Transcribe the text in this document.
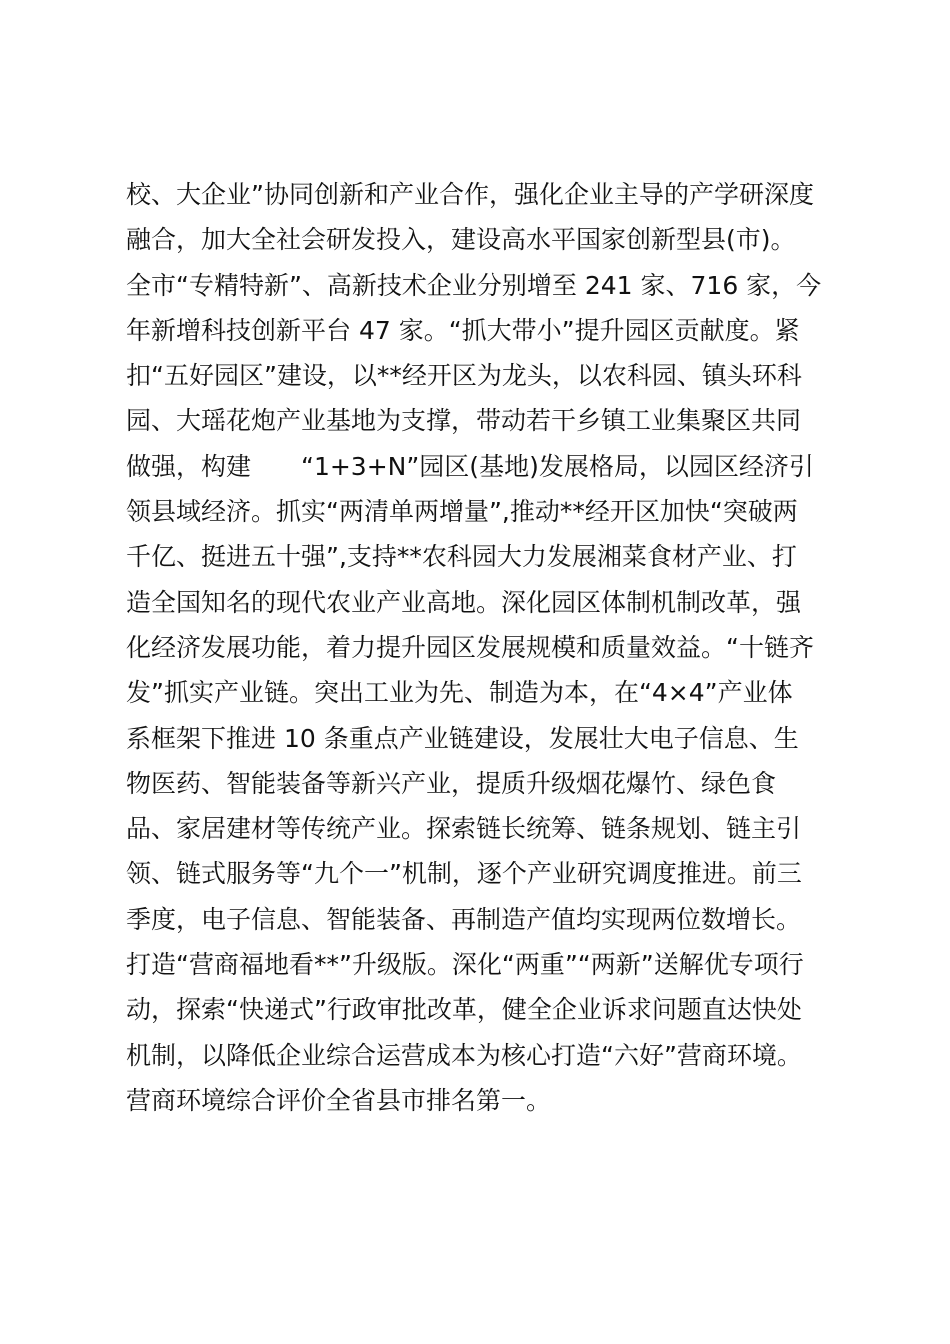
校、大企业”协同创新和产业合作，强化企业主导的产学研深度
融合，加大全社会研发投入，建设高水平国家创新型县(市)。
全市“专精特新”、高新技术企业分别增至 241 家、716 家，今
年新增科技创新平台 47 家。“抓大带小”提升园区贡献度。紧
扣“五好园区”建设，以**经开区为龙头，以农科园、镇头环科
园、大瑶花炮产业基地为支撑，带动若干乡镇工业集聚区共同
做强，构建　　“1+3+N”园区(基地)发展格局，以园区经济引
领县域经济。抓实“两清单两增量”,推动**经开区加快“突破两
千亿、挺进五十强”,支持**农科园大力发展湘菜食材产业、打
造全国知名的现代农业产业高地。深化园区体制机制改革，强
化经济发展功能，着力提升园区发展规模和质量效益。“十链齐
发”抓实产业链。突出工业为先、制造为本，在“4×4”产业体
系框架下推进 10 条重点产业链建设，发展壮大电子信息、生
物医药、智能装备等新兴产业，提质升级烟花爆竹、绿色食
品、家居建材等传统产业。探索链长统筹、链条规划、链主引
领、链式服务等“九个一”机制，逐个产业研究调度推进。前三
季度，电子信息、智能装备、再制造产值均实现两位数增长。
打造“营商福地看**”升级版。深化“两重”“两新”送解优专项行
动，探索“快递式”行政审批改革，健全企业诉求问题直达快处
机制，以降低企业综合运营成本为核心打造“六好”营商环境。
营商环境综合评价全省县市排名第一。
